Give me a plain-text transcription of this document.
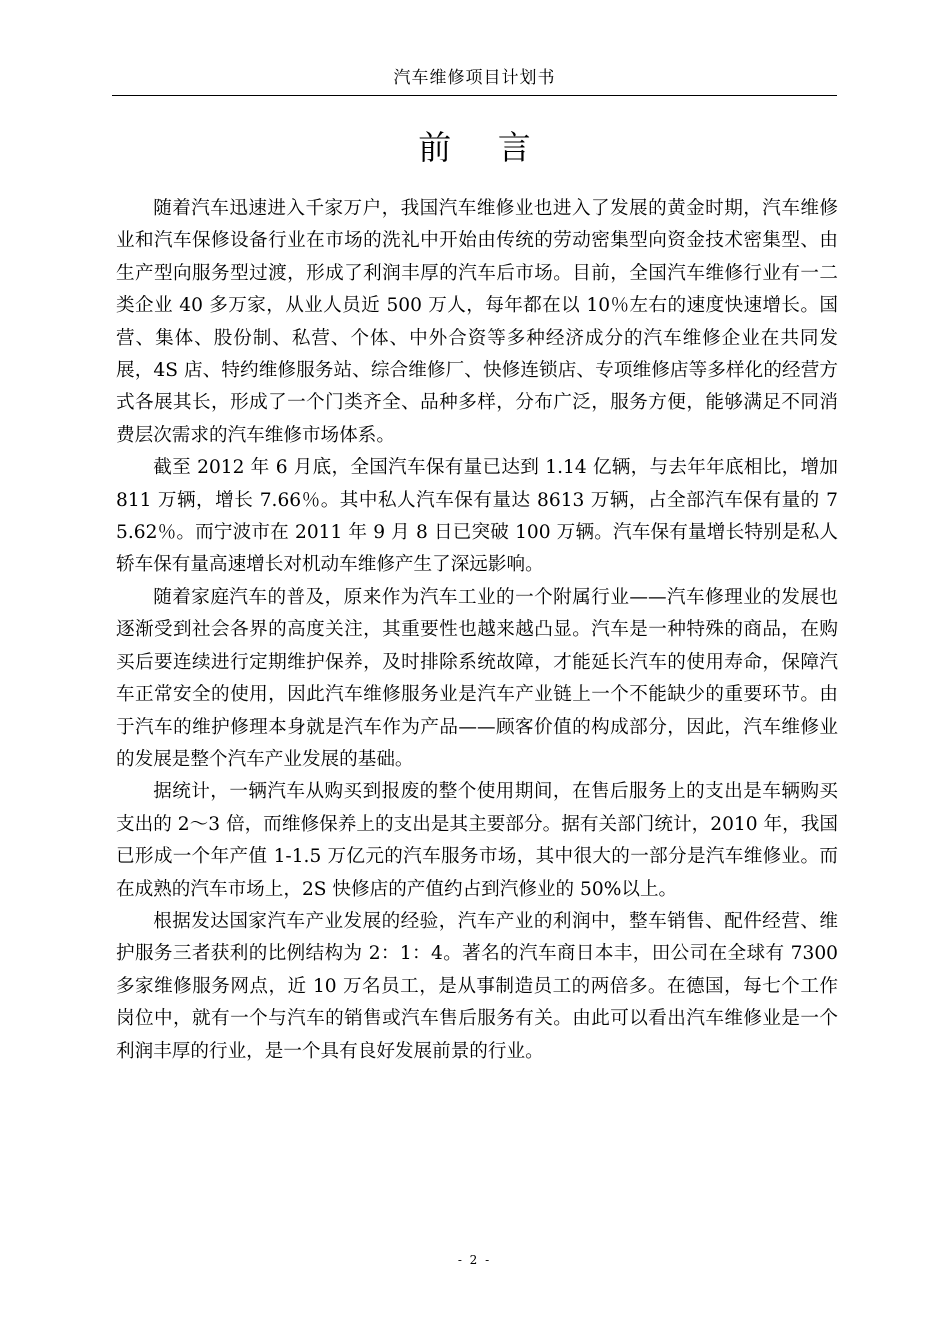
汽车维修项目计划书
前 言

随着汽车迅速进入千家万户，我国汽车维修业也进入了发展的黄金时期，汽车维修业和汽车保修设备行业在市场的洗礼中开始由传统的劳动密集型向资金技术密集型、由生产型向服务型过渡，形成了利润丰厚的汽车后市场。目前，全国汽车维修行业有一二类企业 40 多万家，从业人员近 500 万人，每年都在以 10％左右的速度快速增长。国营、集体、股份制、私营、个体、中外合资等多种经济成分的汽车维修企业在共同发展，4S 店、特约维修服务站、综合维修厂、快修连锁店、专项维修店等多样化的经营方式各展其长，形成了一个门类齐全、品种多样，分布广泛，服务方便，能够满足不同消费层次需求的汽车维修市场体系。

截至 2012 年 6 月底，全国汽车保有量已达到 1.14 亿辆，与去年年底相比，增加 811 万辆，增长 7.66％。其中私人汽车保有量达 8613 万辆，占全部汽车保有量的 75.62％。而宁波市在 2011 年 9 月 8 日已突破 100 万辆。汽车保有量增长特别是私人轿车保有量高速增长对机动车维修产生了深远影响。

随着家庭汽车的普及，原来作为汽车工业的一个附属行业——汽车修理业的发展也逐渐受到社会各界的高度关注，其重要性也越来越凸显。汽车是一种特殊的商品，在购买后要连续进行定期维护保养，及时排除系统故障，才能延长汽车的使用寿命，保障汽车正常安全的使用，因此汽车维修服务业是汽车产业链上一个不能缺少的重要环节。由于汽车的维护修理本身就是汽车作为产品——顾客价值的构成部分，因此，汽车维修业的发展是整个汽车产业发展的基础。

据统计，一辆汽车从购买到报废的整个使用期间，在售后服务上的支出是车辆购买支出的 2～3 倍，而维修保养上的支出是其主要部分。据有关部门统计，2010 年，我国已形成一个年产值 1-1.5 万亿元的汽车服务市场，其中很大的一部分是汽车维修业。而在成熟的汽车市场上，2S 快修店的产值约占到汽修业的 50%以上。

根据发达国家汽车产业发展的经验，汽车产业的利润中，整车销售、配件经营、维护服务三者获利的比例结构为 2：1：4。著名的汽车商日本丰，田公司在全球有 7300 多家维修服务网点，近 10 万名员工，是从事制造员工的两倍多。在德国，每七个工作岗位中，就有一个与汽车的销售或汽车售后服务有关。由此可以看出汽车维修业是一个利润丰厚的行业，是一个具有良好发展前景的行业。

- 2 -
